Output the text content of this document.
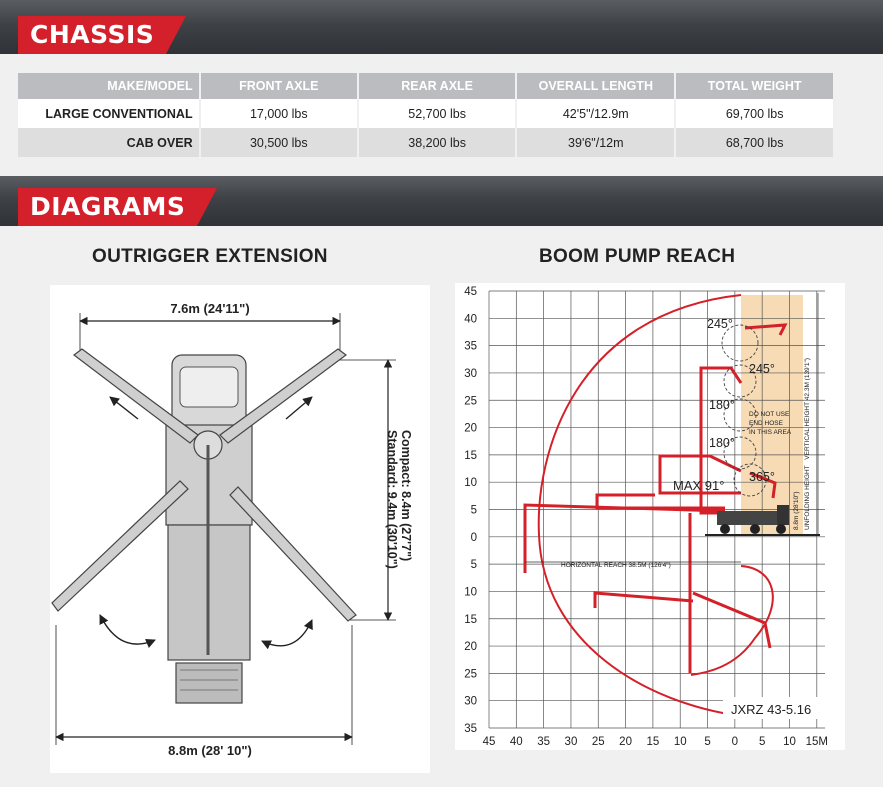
CHASSIS
MAKE/MODEL	FRONT AXLE	REAR AXLE	OVERALL LENGTH	TOTAL WEIGHT
LARGE CONVENTIONAL	17,000 lbs	52,700 lbs	42'5"/12.9m	69,700 lbs
CAB OVER	30,500 lbs	38,200 lbs	39'6"/12m	68,700 lbs
DIAGRAMS
OUTRIGGER EXTENSION	BOOM PUMP REACH
7.6m (24'11")
8.8m (28' 10")
Compact: 8.4m (27'7")
Standard: 9.4m (30'10")
45
40
35
30
25
20
15
10
5
0
5
10
15
20
25
30
35
45 40 35 30 25 20 15 10 5 0 5 10 15M
245°
245°
180°
180°
365°
MAX 91°
DO NOT USE
END HOSE
IN THIS AREA VERTICAL HEIGHT 42.3M (139'1")
UNFOLDING HEIGHT
8.8m (28'10")
HORIZONTAL REACH 38.5M (126'4")
JXRZ 43-5.16
